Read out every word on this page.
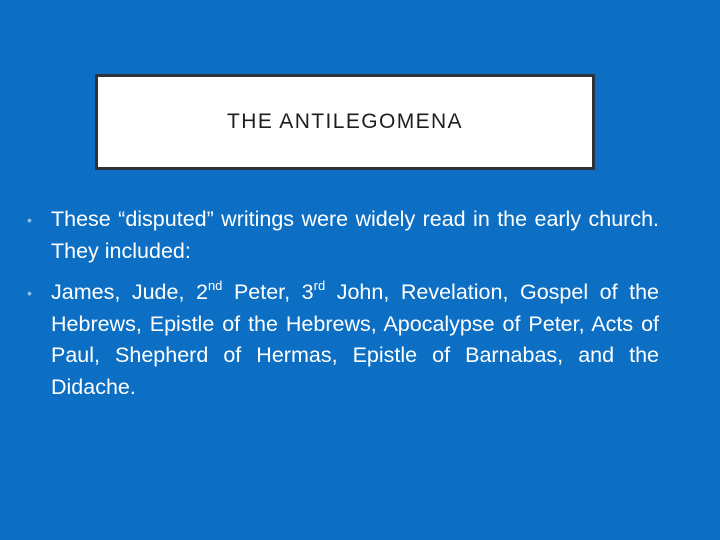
THE ANTILEGOMENA
• These “disputed” writings were widely read in the early church. They included:
• James, Jude, 2nd Peter, 3rd John, Revelation, Gospel of the Hebrews, Epistle of the Hebrews, Apocalypse of Peter, Acts of Paul, Shepherd of Hermas, Epistle of Barnabas, and the Didache.
